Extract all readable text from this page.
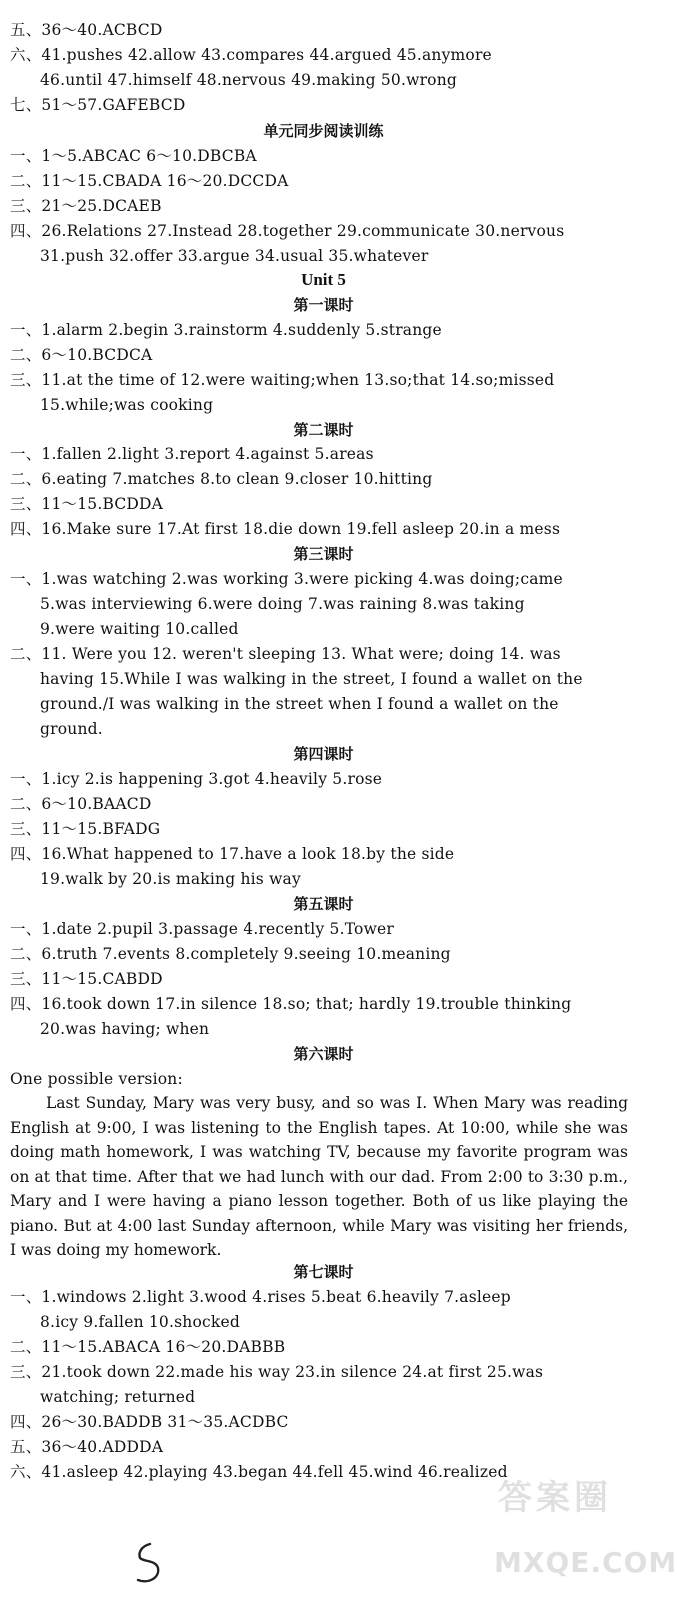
五、36～40.ACBCD
六、41.pushes 42.allow 43.compares 44.argued 45.anymore
46.until 47.himself 48.nervous 49.making 50.wrong
七、51～57.GAFEBCD
单元同步阅读训练
一、1～5.ABCAC 6～10.DBCBA
二、11～15.CBADA 16～20.DCCDA
三、21～25.DCAEB
四、26.Relations 27.Instead 28.together 29.communicate 30.nervous
31.push 32.offer 33.argue 34.usual 35.whatever
Unit 5
第一课时
一、1.alarm 2.begin 3.rainstorm 4.suddenly 5.strange
二、6～10.BCDCA
三、11.at the time of 12.were waiting;when 13.so;that 14.so;missed
15.while;was cooking
第二课时
一、1.fallen 2.light 3.report 4.against 5.areas
二、6.eating 7.matches 8.to clean 9.closer 10.hitting
三、11～15.BCDDA
四、16.Make sure 17.At first 18.die down 19.fell asleep 20.in a mess
第三课时
一、1.was watching 2.was working 3.were picking 4.was doing;came
5.was interviewing 6.were doing 7.was raining 8.was taking
9.were waiting 10.called
二、11. Were you 12. weren't sleeping 13. What were; doing 14. was
having 15.While I was walking in the street, I found a wallet on the
ground./I was walking in the street when I found a wallet on the
ground.
第四课时
一、1.icy 2.is happening 3.got 4.heavily 5.rose
二、6～10.BAACD
三、11～15.BFADG
四、16.What happened to 17.have a look 18.by the side
19.walk by 20.is making his way
第五课时
一、1.date 2.pupil 3.passage 4.recently 5.Tower
二、6.truth 7.events 8.completely 9.seeing 10.meaning
三、11～15.CABDD
四、16.took down 17.in silence 18.so; that; hardly 19.trouble thinking
20.was having; when
第六课时
One possible version:

Last Sunday, Mary was very busy, and so was I. When Mary was reading English at 9:00, I was listening to the English tapes. At 10:00, while she was doing math homework, I was watching TV, because my favorite program was on at that time. After that we had lunch with our dad. From 2:00 to 3:30 p.m., Mary and I were having a piano lesson together. Both of us like playing the piano. But at 4:00 last Sunday afternoon, while Mary was visiting her friends, I was doing my homework.

第七课时
一、1.windows 2.light 3.wood 4.rises 5.beat 6.heavily 7.asleep
8.icy 9.fallen 10.shocked
二、11～15.ABACA 16～20.DABBB
三、21.took down 22.made his way 23.in silence 24.at first 25.was
watching; returned
四、26～30.BADDB 31～35.ACDBC
五、36～40.ADDDA
六、41.asleep 42.playing 43.began 44.fell 45.wind 46.realized
答案圈
MXQE.COM
